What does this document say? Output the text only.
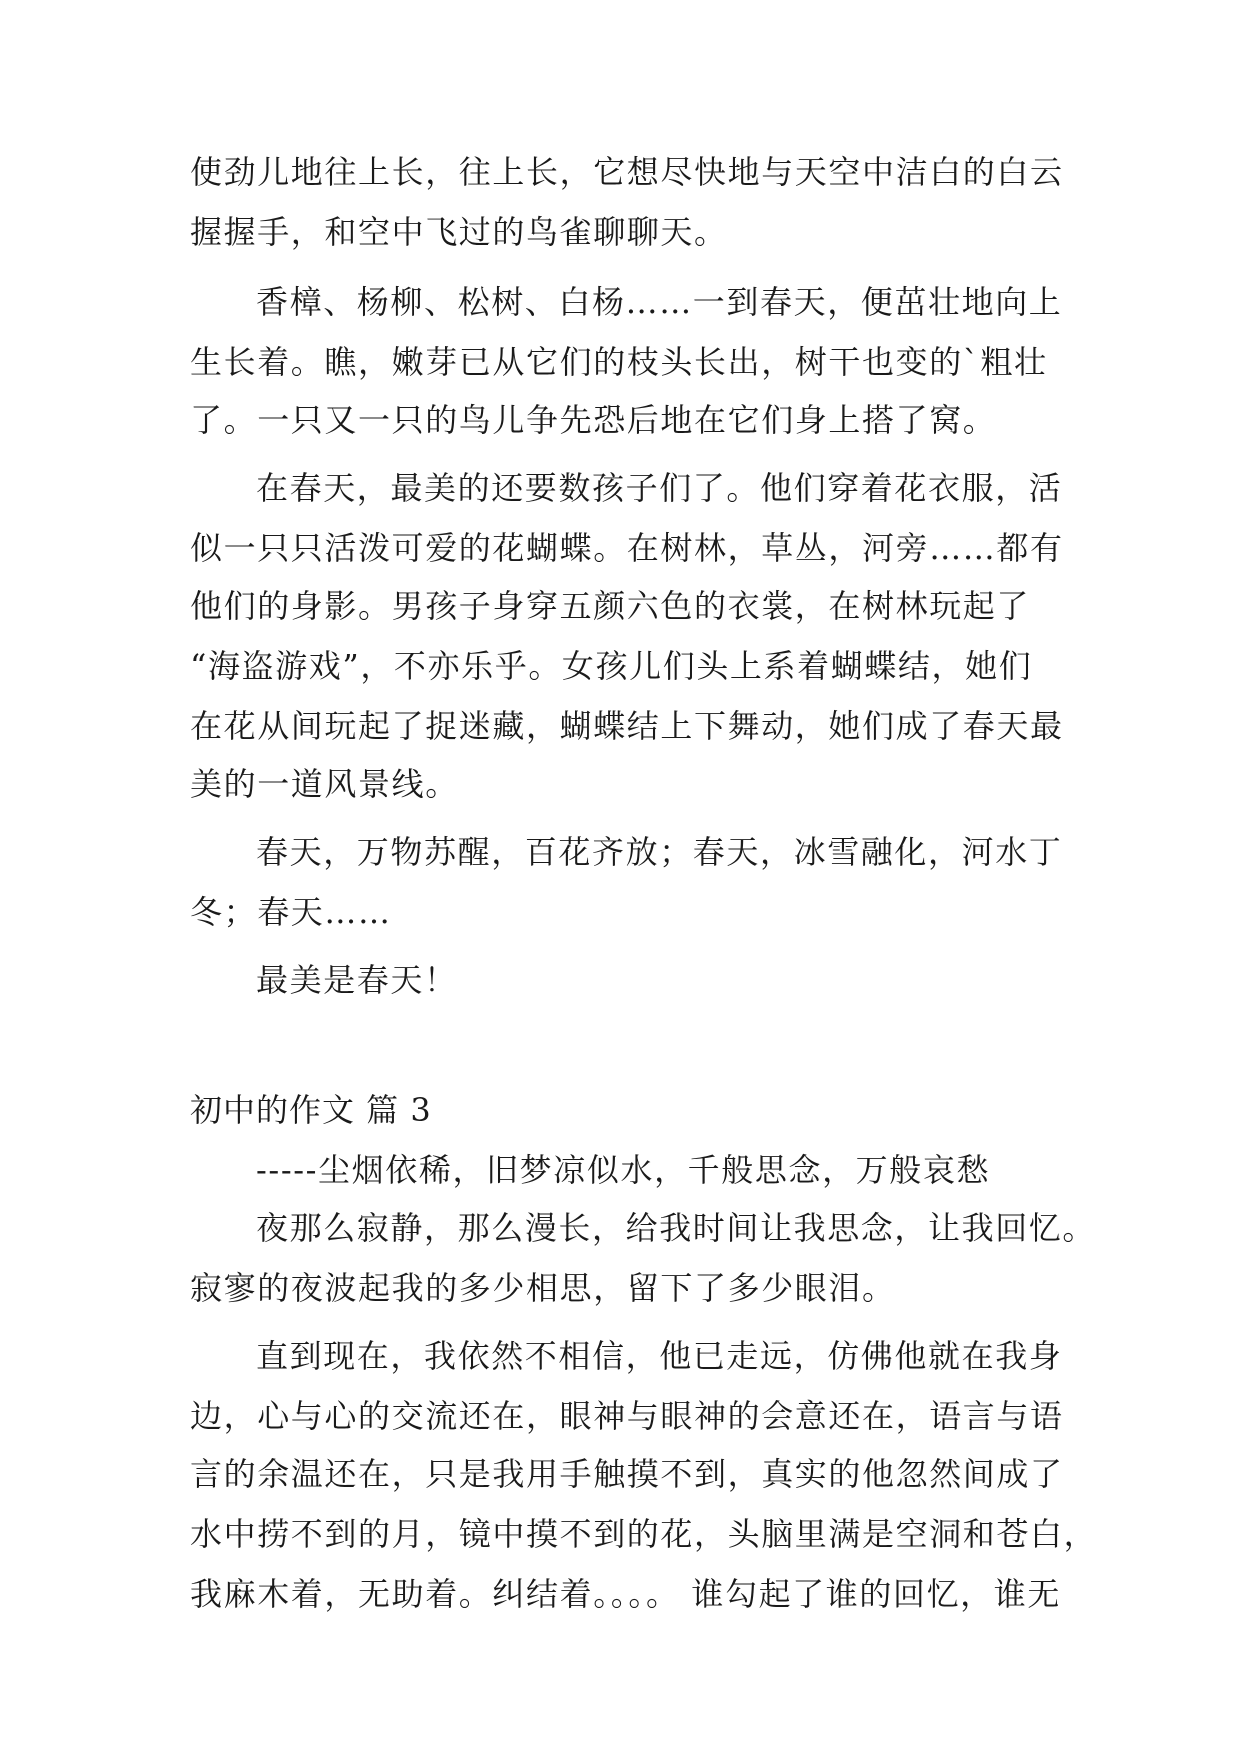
使劲儿地往上长，往上长，它想尽快地与天空中洁白的白云

握握手，和空中飞过的鸟雀聊聊天。

香樟、杨柳、松树、白杨……一到春天，便茁壮地向上

生长着。瞧，嫩芽已从它们的枝头长出，树干也变的`粗壮

了。一只又一只的鸟儿争先恐后地在它们身上搭了窝。

在春天，最美的还要数孩子们了。他们穿着花衣服，活

似一只只活泼可爱的花蝴蝶。在树林，草丛，河旁……都有

他们的身影。男孩子身穿五颜六色的衣裳，在树林玩起了

“海盗游戏”，不亦乐乎。女孩儿们头上系着蝴蝶结，她们

在花从间玩起了捉迷藏，蝴蝶结上下舞动，她们成了春天最

美的一道风景线。

春天，万物苏醒，百花齐放；春天，冰雪融化，河水丁

冬；春天……

最美是春天！

初中的作文 篇 3

-----尘烟依稀，旧梦凉似水，千般思念，万般哀愁

夜那么寂静，那么漫长，给我时间让我思念，让我回忆。

寂寥的夜波起我的多少相思，留下了多少眼泪。

直到现在，我依然不相信，他已走远，仿佛他就在我身

边，心与心的交流还在，眼神与眼神的会意还在，语言与语

言的余温还在，只是我用手触摸不到，真实的他忽然间成了

水中捞不到的月，镜中摸不到的花，头脑里满是空洞和苍白，

我麻木着，无助着。纠结着。。。。 谁勾起了谁的回忆，谁无
